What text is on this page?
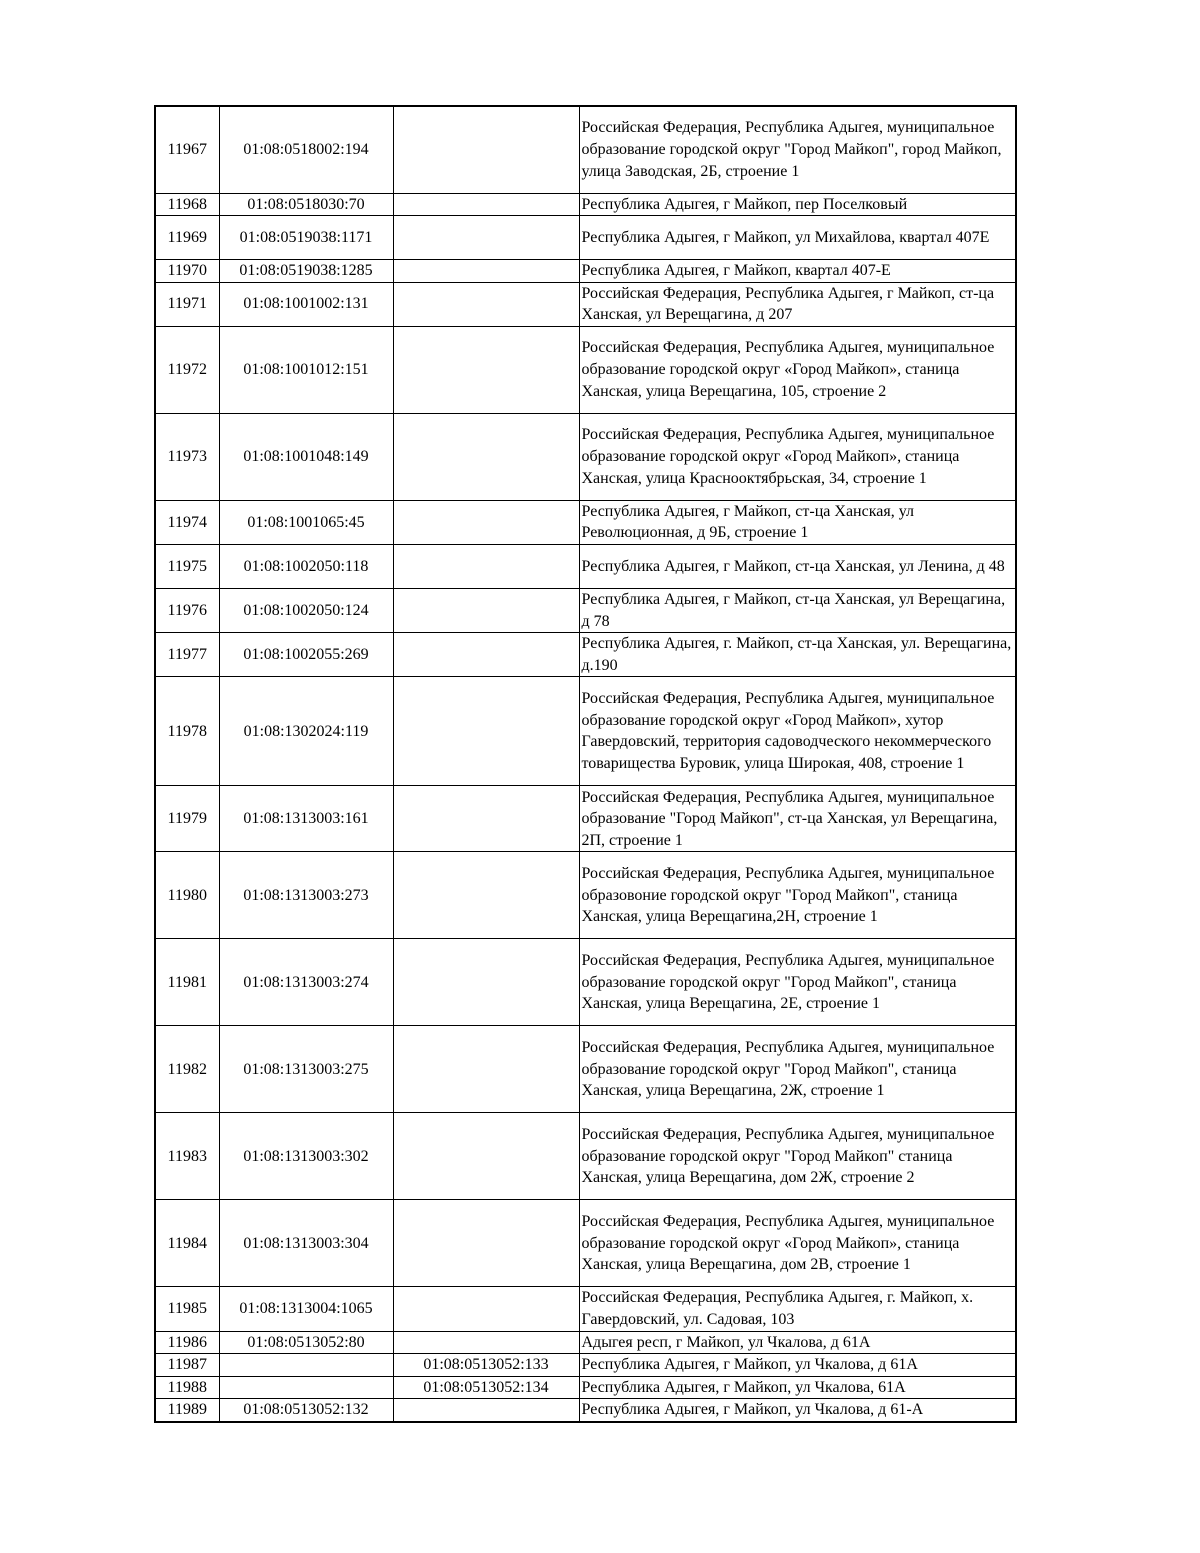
11967	01:08:0518002:194		Российская Федерация, Республика Адыгея, муниципальное образование городской округ "Город Майкоп", город Майкоп, улица Заводская, 2Б, строение 1
11968	01:08:0518030:70		Республика Адыгея, г Майкоп, пер Поселковый
11969	01:08:0519038:1171		Республика Адыгея, г Майкоп, ул Михайлова, квартал 407Е
11970	01:08:0519038:1285		Республика Адыгея, г Майкоп, квартал 407-Е
11971	01:08:1001002:131		Российская Федерация, Республика Адыгея, г Майкоп, ст-ца Ханская, ул Верещагина, д 207
11972	01:08:1001012:151		Российская Федерация, Республика Адыгея, муниципальное образование городской округ «Город Майкоп», станица Ханская, улица Верещагина, 105, строение 2
11973	01:08:1001048:149		Российская Федерация, Республика Адыгея, муниципальное образование городской округ «Город Майкоп», станица Ханская, улица Краснооктябрьская, 34, строение 1
11974	01:08:1001065:45		Республика Адыгея, г Майкоп, ст-ца Ханская, ул Революционная, д 9Б, строение 1
11975	01:08:1002050:118		Республика Адыгея, г Майкоп, ст-ца Ханская, ул Ленина, д 48
11976	01:08:1002050:124		Республика Адыгея, г Майкоп, ст-ца Ханская, ул Верещагина, д 78
11977	01:08:1002055:269		Республика Адыгея, г. Майкоп, ст-ца Ханская, ул. Верещагина, д.190
11978	01:08:1302024:119		Российская Федерация, Республика Адыгея, муниципальное образование городской округ «Город Майкоп», хутор Гавердовский, территория садоводческого некоммерческого товарищества Буровик, улица Широкая, 408, строение 1
11979	01:08:1313003:161		Российская Федерация, Республика Адыгея, муниципальное образование "Город Майкоп", ст-ца Ханская, ул Верещагина, 2П, строение 1
11980	01:08:1313003:273		Российская Федерация, Республика Адыгея, муниципальное образовоние городской округ "Город Майкоп", станица Ханская, улица Верещагина,2Н, строение 1
11981	01:08:1313003:274		Российская Федерация, Республика Адыгея, муниципальное образование городской округ "Город Майкоп", станица Ханская, улица Верещагина, 2Е, строение 1
11982	01:08:1313003:275		Российская Федерация, Республика Адыгея, муниципальное образование городской округ "Город Майкоп", станица Ханская, улица Верещагина, 2Ж, строение 1
11983	01:08:1313003:302		Российская Федерация, Республика Адыгея, муниципальное образование городской округ "Город Майкоп" станица Ханская, улица Верещагина, дом 2Ж, строение 2
11984	01:08:1313003:304		Российская Федерация, Республика Адыгея, муниципальное образование городской округ «Город Майкоп», станица Ханская, улица Верещагина, дом 2В, строение 1
11985	01:08:1313004:1065		Российская Федерация, Республика Адыгея, г. Майкоп, х. Гавердовский, ул. Садовая, 103
11986	01:08:0513052:80		Адыгея респ, г Майкоп, ул Чкалова, д 61А
11987		01:08:0513052:133	Республика Адыгея, г Майкоп, ул Чкалова, д 61А
11988		01:08:0513052:134	Республика Адыгея, г Майкоп, ул Чкалова, 61А
11989	01:08:0513052:132		Республика Адыгея, г Майкоп, ул Чкалова, д 61-А
